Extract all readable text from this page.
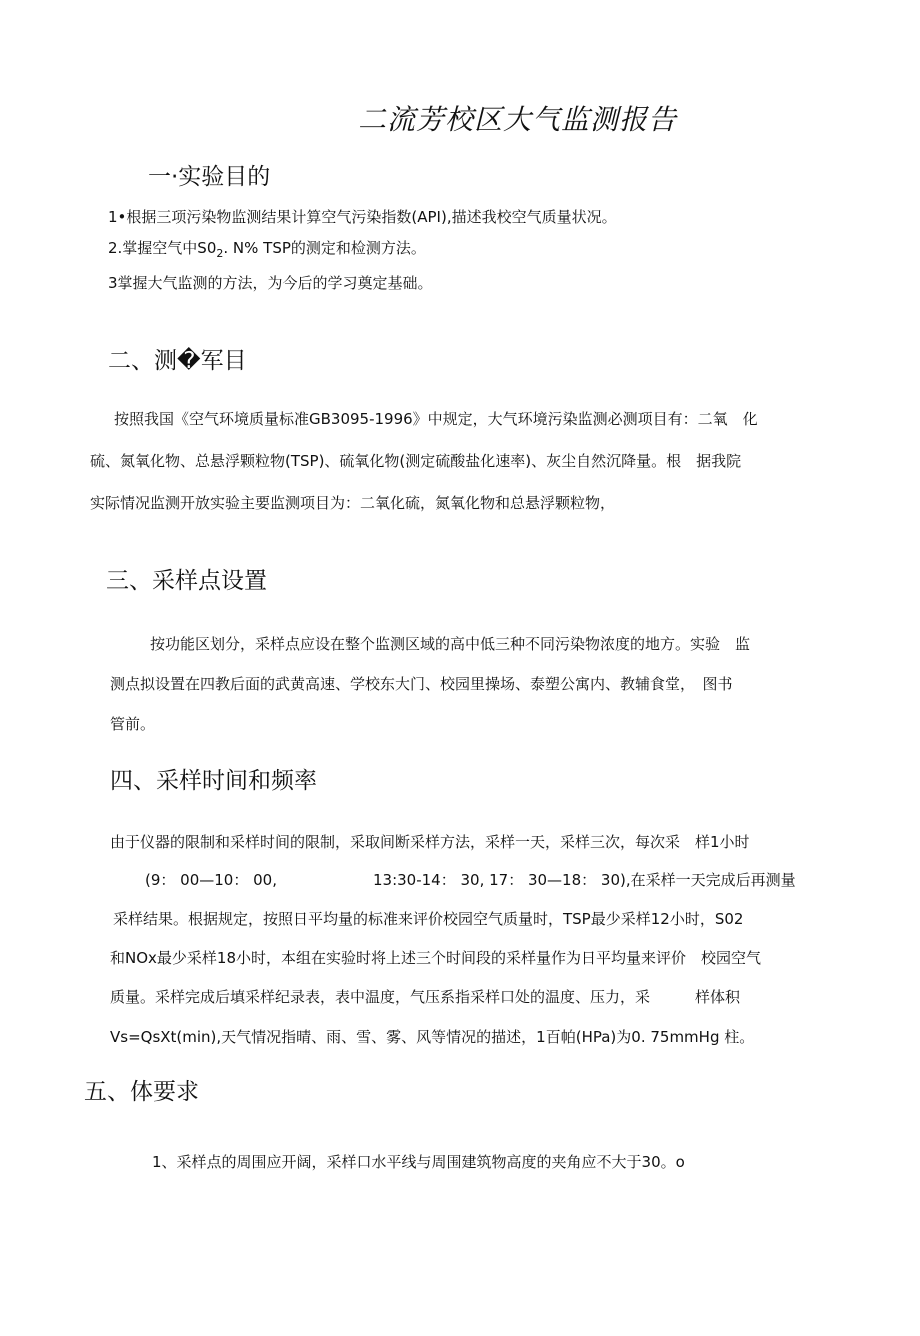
二流芳校区大气监测报告
一·实验目的
1•根据三项污染物监测结果计算空气污染指数(API),描述我校空气质量状况。
2.掌握空气中$S0_2$. N% TSP的测定和检测方法。
3掌握大气监测的方法，为今后的学习奠定基础。
二、测�军目
按照我国《空气环境质量标准GB3095-1996》中规定，大气环境污染监测必测项目有：二氧　化
硫、氮氧化物、总悬浮颗粒物(TSP)、硫氧化物(测定硫酸盐化速率)、灰尘自然沉降量。根　据我院
实际情况监测开放实验主要监测项目为：二氧化硫，氮氧化物和总悬浮颗粒物，
三、采样点设置
按功能区划分，采样点应设在整个监测区域的高中低三种不同污染物浓度的地方。实验　监
测点拟设置在四教后面的武黄高速、学校东大门、校园里操场、泰塑公寓内、教辅食堂，　图书
管前。
四、采样时间和频率
由于仪器的限制和采样时间的限制，采取间断采样方法，采样一天，采样三次，每次采　样1小时
(9： 00—10： 00,	13:30-14： 30, 17： 30—18： 30),在采样一天完成后再测量
采样结果。根据规定，按照日平均量的标准来评价校园空气质量时，TSP最少采样12小时，S02
和NOx最少采样18小时，本组在实验时将上述三个时间段的采样量作为日平均量来评价　校园空气
质量。采样完成后填采样纪录表，表中温度，气压系指采样口处的温度、压力，采　　　样体积
Vs=QsXt(min),天气情况指晴、雨、雪、雾、风等情况的描述，1百帕(HPa)为0. 75mmHg 柱。
五、体要求
1、采样点的周围应开阔，采样口水平线与周围建筑物高度的夹角应不大于30。o
